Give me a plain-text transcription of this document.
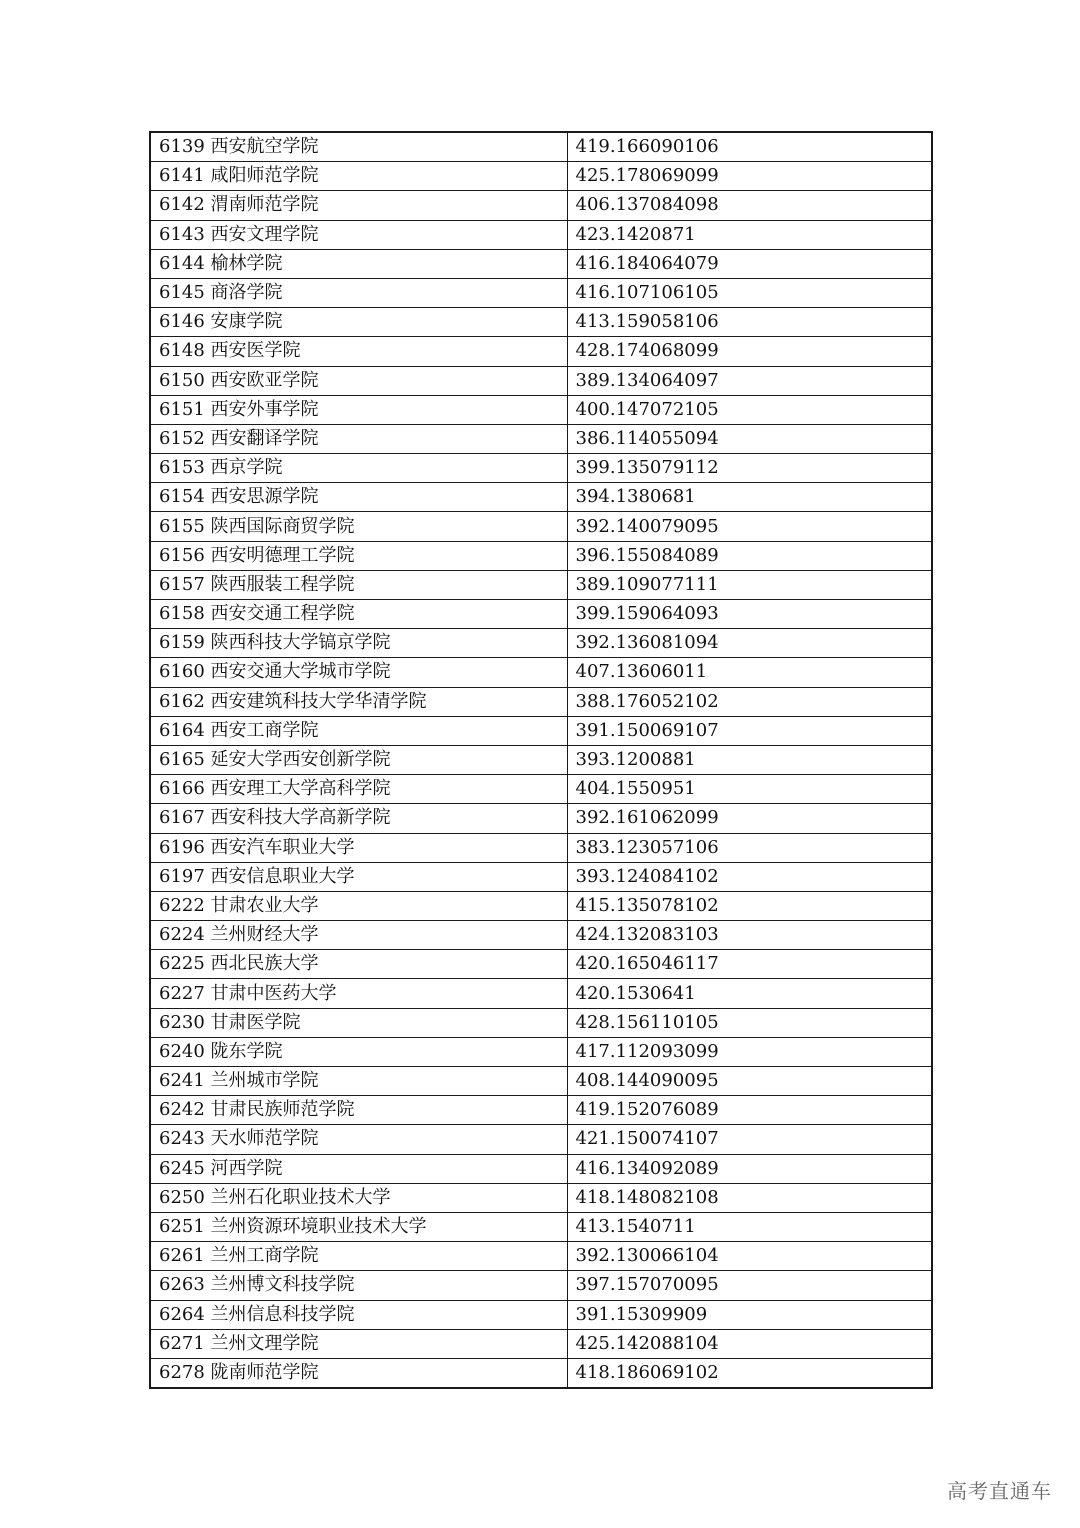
6139 西安航空学院	419.166090106
6141 咸阳师范学院	425.178069099
6142 渭南师范学院	406.137084098
6143 西安文理学院	423.1420871
6144 榆林学院	416.184064079
6145 商洛学院	416.107106105
6146 安康学院	413.159058106
6148 西安医学院	428.174068099
6150 西安欧亚学院	389.134064097
6151 西安外事学院	400.147072105
6152 西安翻译学院	386.114055094
6153 西京学院	399.135079112
6154 西安思源学院	394.1380681
6155 陕西国际商贸学院	392.140079095
6156 西安明德理工学院	396.155084089
6157 陕西服装工程学院	389.109077111
6158 西安交通工程学院	399.159064093
6159 陕西科技大学镐京学院	392.136081094
6160 西安交通大学城市学院	407.13606011
6162 西安建筑科技大学华清学院	388.176052102
6164 西安工商学院	391.150069107
6165 延安大学西安创新学院	393.1200881
6166 西安理工大学高科学院	404.1550951
6167 西安科技大学高新学院	392.161062099
6196 西安汽车职业大学	383.123057106
6197 西安信息职业大学	393.124084102
6222 甘肃农业大学	415.135078102
6224 兰州财经大学	424.132083103
6225 西北民族大学	420.165046117
6227 甘肃中医药大学	420.1530641
6230 甘肃医学院	428.156110105
6240 陇东学院	417.112093099
6241 兰州城市学院	408.144090095
6242 甘肃民族师范学院	419.152076089
6243 天水师范学院	421.150074107
6245 河西学院	416.134092089
6250 兰州石化职业技术大学	418.148082108
6251 兰州资源环境职业技术大学	413.1540711
6261 兰州工商学院	392.130066104
6263 兰州博文科技学院	397.157070095
6264 兰州信息科技学院	391.15309909
6271 兰州文理学院	425.142088104
6278 陇南师范学院	418.186069102
高考直通车
